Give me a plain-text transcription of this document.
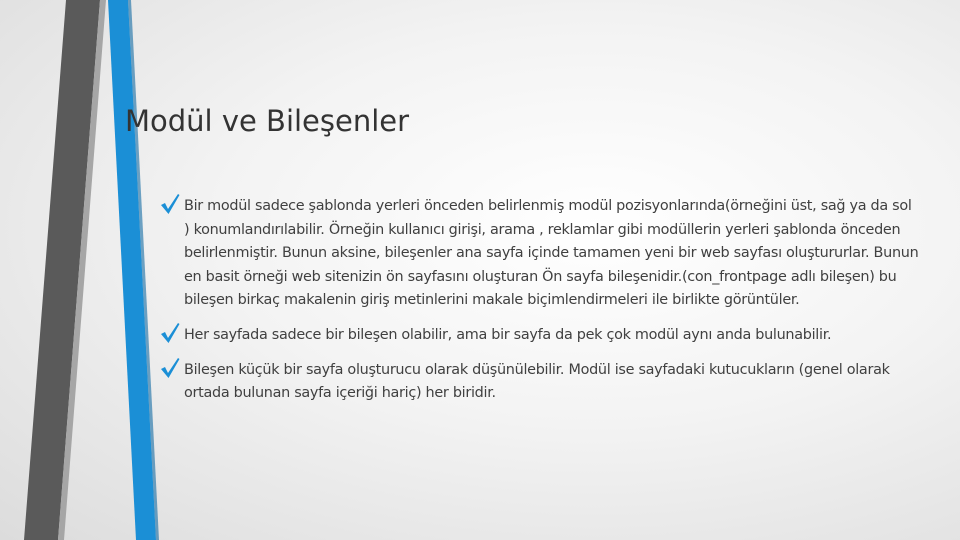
Modül ve Bileşenler
Bir modül sadece şablonda yerleri önceden belirlenmiş modül pozisyonlarında(örneğini üst, sağ ya da sol ) konumlandırılabilir. Örneğin kullanıcı girişi, arama , reklamlar gibi modüllerin yerleri şablonda önceden belirlenmiştir. Bunun aksine, bileşenler ana sayfa içinde tamamen yeni bir web sayfası oluştururlar. Bunun en basit örneği web sitenizin ön sayfasını oluşturan Ön sayfa bileşenidir.(con_frontpage adlı bileşen) bu bileşen birkaç makalenin giriş metinlerini makale biçimlendirmeleri ile birlikte görüntüler.
Her sayfada sadece bir bileşen olabilir, ama bir sayfa da pek çok modül aynı anda bulunabilir.
Bileşen küçük bir sayfa oluşturucu olarak düşünülebilir. Modül ise sayfadaki kutucukların (genel olarak ortada bulunan sayfa içeriği hariç) her biridir.
